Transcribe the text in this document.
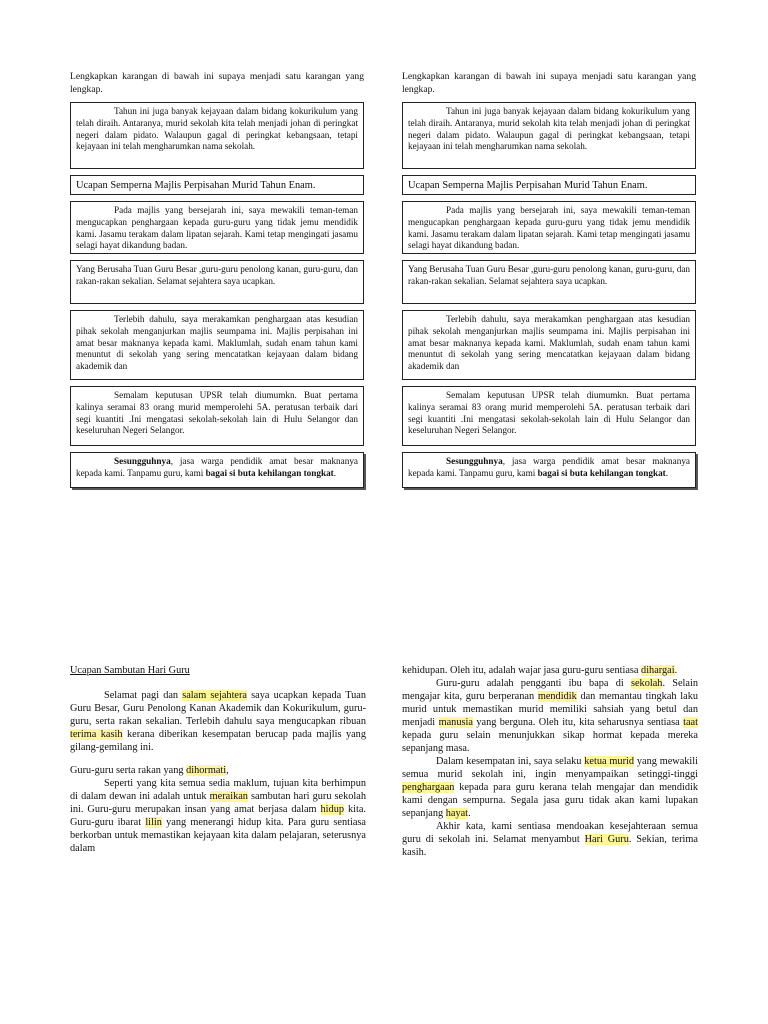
Lengkapkan karangan di bawah ini supaya menjadi satu karangan yang lengkap.

Tahun ini juga banyak kejayaan dalam bidang kokurikulum yang telah diraih. Antaranya, murid sekolah kita telah menjadi johan di peringkat negeri dalam pidato. Walaupun gagal di peringkat kebangsaan, tetapi kejayaan ini telah mengharumkan nama sekolah.

Ucapan Semperna Majlis Perpisahan Murid Tahun Enam.

Pada majlis yang bersejarah ini, saya mewakili teman-teman mengucapkan penghargaan kepada guru-guru yang tidak jemu mendidik kami. Jasamu terakam dalam lipatan sejarah. Kami tetap mengingati jasamu selagi hayat dikandung badan.

Yang Berusaha Tuan Guru Besar ,guru-guru penolong kanan, guru-guru, dan rakan-rakan sekalian. Selamat sejahtera saya ucapkan.

Terlebih dahulu, saya merakamkan penghargaan atas kesudian pihak sekolah menganjurkan majlis seumpama ini. Majlis perpisahan ini amat besar maknanya kepada kami. Maklumlah, sudah enam tahun kami menuntut di sekolah yang sering mencatatkan kejayaan dalam bidang akademik dan

Semalam keputusan UPSR telah diumumkn. Buat pertama kalinya seramai 83 orang murid memperolehi 5A. peratusan terbaik dari segi kuantiti .Ini mengatasi sekolah-sekolah lain di Hulu Selangor dan keseluruhan Negeri Selangor.

Sesungguhnya, jasa warga pendidik amat besar maknanya kepada kami. Tanpamu guru, kami bagai si buta kehilangan tongkat.

Lengkapkan karangan di bawah ini supaya menjadi satu karangan yang lengkap.

Tahun ini juga banyak kejayaan dalam bidang kokurikulum yang telah diraih. Antaranya, murid sekolah kita telah menjadi johan di peringkat negeri dalam pidato. Walaupun gagal di peringkat kebangsaan, tetapi kejayaan ini telah mengharumkan nama sekolah.

Ucapan Semperna Majlis Perpisahan Murid Tahun Enam.

Pada majlis yang bersejarah ini, saya mewakili teman-teman mengucapkan penghargaan kepada guru-guru yang tidak jemu mendidik kami. Jasamu terakam dalam lipatan sejarah. Kami tetap mengingati jasamu selagi hayat dikandung badan.

Yang Berusaha Tuan Guru Besar ,guru-guru penolong kanan, guru-guru, dan rakan-rakan sekalian. Selamat sejahtera saya ucapkan.

Terlebih dahulu, saya merakamkan penghargaan atas kesudian pihak sekolah menganjurkan majlis seumpama ini. Majlis perpisahan ini amat besar maknanya kepada kami. Maklumlah, sudah enam tahun kami menuntut di sekolah yang sering mencatatkan kejayaan dalam bidang akademik dan

Semalam keputusan UPSR telah diumumkn. Buat pertama kalinya seramai 83 orang murid memperolehi 5A. peratusan terbaik dari segi kuantiti .Ini mengatasi sekolah-sekolah lain di Hulu Selangor dan keseluruhan Negeri Selangor.

Sesungguhnya, jasa warga pendidik amat besar maknanya kepada kami. Tanpamu guru, kami bagai si buta kehilangan tongkat.

Ucapan Sambutan Hari Guru

Selamat pagi dan salam sejahtera saya ucapkan kepada Tuan Guru Besar, Guru Penolong Kanan Akademik dan Kokurikulum, guru-guru, serta rakan sekalian. Terlebih dahulu saya mengucapkan ribuan terima kasih kerana diberikan kesempatan berucap pada majlis yang gilang-gemilang ini.

Guru-guru serta rakan yang dihormati,

Seperti yang kita semua sedia maklum, tujuan kita berhimpun di dalam dewan ini adalah untuk meraikan sambutan hari guru sekolah ini. Guru-guru merupakan insan yang amat berjasa dalam hidup kita. Guru-guru ibarat lilin yang menerangi hidup kita. Para guru sentiasa berkorban untuk memastikan kejayaan kita dalam pelajaran, seterusnya dalam

kehidupan. Oleh itu, adalah wajar jasa guru-guru sentiasa dihargai.

Guru-guru adalah pengganti ibu bapa di sekolah. Selain mengajar kita, guru berperanan mendidik dan memantau tingkah laku murid untuk memastikan murid memiliki sahsiah yang betul dan menjadi manusia yang berguna. Oleh itu, kita seharusnya sentiasa taat kepada guru selain menunjukkan sikap hormat kepada mereka sepanjang masa.

Dalam kesempatan ini, saya selaku ketua murid yang mewakili semua murid sekolah ini, ingin menyampaikan setinggi-tinggi penghargaan kepada para guru kerana telah mengajar dan mendidik kami dengan sempurna. Segala jasa guru tidak akan kami lupakan sepanjang hayat.

Akhir kata, kami sentiasa mendoakan kesejahteraan semua guru di sekolah ini. Selamat menyambut Hari Guru. Sekian, terima kasih.
